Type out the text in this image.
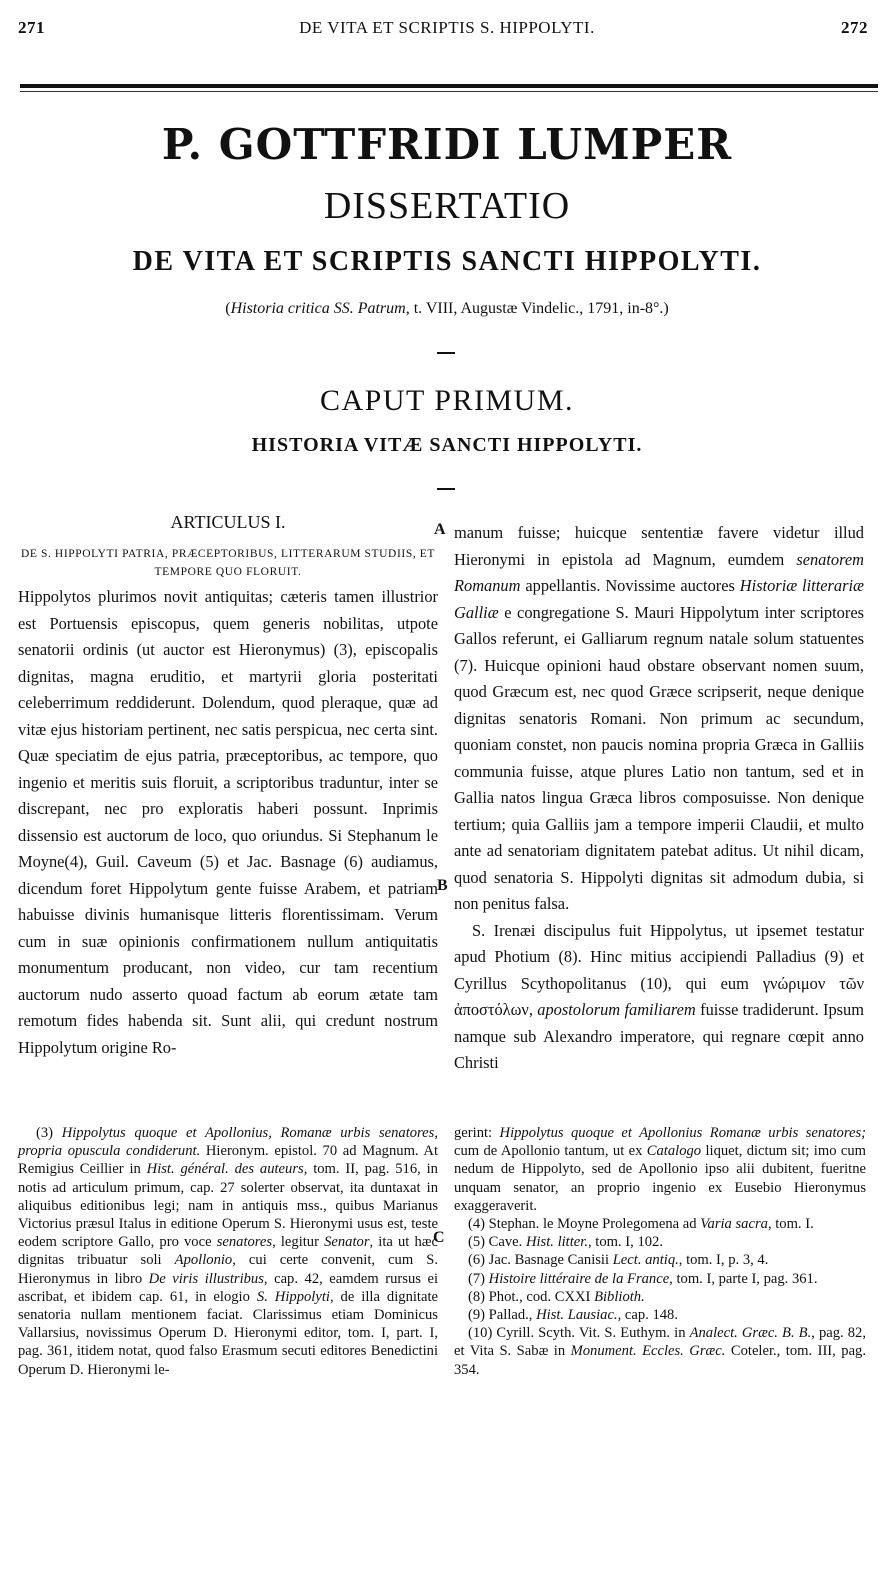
271	DE VITA ET SCRIPTIS S. HIPPOLYTI.	272
P. GOTTFRIDI LUMPER
DISSERTATIO
DE VITA ET SCRIPTIS SANCTI HIPPOLYTI.
(Historia critica SS. Patrum, t. VIII, Augustæ Vindelic., 1791, in-8°.)
CAPUT PRIMUM.
HISTORIA VITÆ SANCTI HIPPOLYTI.
ARTICULUS I.
DE S. HIPPOLYTI PATRIA, PRÆCEPTORIBUS, LITTERARUM STUDIIS, ET TEMPORE QUO FLORUIT.
Hippolytos plurimos novit antiquitas; cæteris tamen illustrior est Portuensis episcopus, quem generis nobilitas, utpote senatorii ordinis (ut auctor est Hieronymus) (3), episcopalis dignitas, magna eruditio, et martyrii gloria posteritati celeberrimum reddiderunt. Dolendum, quod pleraque, quæ ad vitæ ejus historiam pertinent, nec satis perspicua, nec certa sint. Quæ speciatim de ejus patria, præceptoribus, ac tempore, quo ingenio et meritis suis floruit, a scriptoribus traduntur, inter se discrepant, nec pro exploratis haberi possunt. Inprimis dissensio est auctorum de loco, quo oriundus. Si Stephanum le Moyne(4), Guil. Caveum (5) et Jac. Basnage (6) audiamus, dicendum foret Hippolytum gente fuisse Arabem, et patriam habuisse divinis humanisque litteris florentissimam. Verum cum in suæ opinionis confirmationem nullum antiquitatis monumentum producant, non video, cur tam recentium auctorum nudo asserto quoad factum ab eorum ætate tam remotum fides habenda sit. Sunt alii, qui credunt nostrum Hippolytum origine Ro-
A
B
C
manum fuisse; huicque sententiæ favere videtur illud Hieronymi in epistola ad Magnum, eumdem senatorem Romanum appellantis. Novissime auctores Historiæ litterariæ Galliæ e congregatione S. Mauri Hippolytum inter scriptores Gallos referunt, ei Galliarum regnum natale solum statuentes (7). Huicque opinioni haud obstare observant nomen suum, quod Græcum est, nec quod Græce scripserit, neque denique dignitas senatoris Romani. Non primum ac secundum, quoniam constet, non paucis nomina propria Græca in Galliis communia fuisse, atque plures Latio non tantum, sed et in Gallia natos lingua Græca libros composuisse. Non denique tertium; quia Galliis jam a tempore imperii Claudii, et multo ante ad senatoriam dignitatem patebat aditus. Ut nihil dicam, quod senatoria S. Hippolyti dignitas sit admodum dubia, si non penitus falsa.
S. Irenæi discipulus fuit Hippolytus, ut ipsemet testatur apud Photium (8). Hinc mitius accipiendi Palladius (9) et Cyrillus Scythopolitanus (10), qui eum γνώριμον τῶν ἀποστόλων, apostolorum familiarem fuisse tradiderunt. Ipsum namque sub Alexandro imperatore, qui regnare cœpit anno Christi

(3) Hippolytus quoque et Apollonius, Romanæ urbis senatores, propria opuscula condiderunt. Hieronym. epistol. 70 ad Magnum. At Remigius Ceillier in Hist. général. des auteurs, tom. II, pag. 516, in notis ad articulum primum, cap. 27 solerter observat, ita duntaxat in aliquibus editionibus legi; nam in antiquis mss., quibus Marianus Victorius præsul Italus in editione Operum S. Hieronymi usus est, teste eodem scriptore Gallo, pro voce senatores, legitur Senator, ita ut hæc dignitas tribuatur soli Apollonio, cui certe convenit, cum S. Hieronymus in libro De viris illustribus, cap. 42, eamdem rursus ei ascribat, et ibidem cap. 61, in elogio S. Hippolyti, de illa dignitate senatoria nullam mentionem faciat. Clarissimus etiam Dominicus Vallarsius, novissimus Operum D. Hieronymi editor, tom. I, part. I, pag. 361, itidem notat, quod falso Erasmum secuti editores Benedictini Operum D. Hieronymi le-

gerint: Hippolytus quoque et Apollonius Romanæ urbis senatores; cum de Apollonio tantum, ut ex Catalogo liquet, dictum sit; imo cum nedum de Hippolyto, sed de Apollonio ipso alii dubitent, fueritne unquam senator, an proprio ingenio ex Eusebio Hieronymus exaggeraverit.

(4) Stephan. le Moyne Prolegomena ad Varia sacra, tom. I.

(5) Cave. Hist. litter., tom. I, 102.

(6) Jac. Basnage Canisii Lect. antiq., tom. I, p. 3, 4.

(7) Histoire littéraire de la France, tom. I, parte I, pag. 361.

(8) Phot., cod. CXXI Biblioth.

(9) Pallad., Hist. Lausiac., cap. 148.

(10) Cyrill. Scyth. Vit. S. Euthym. in Analect. Græc. B. B., pag. 82, et Vita S. Sabæ in Monument. Eccles. Græc. Coteler., tom. III, pag. 354.
